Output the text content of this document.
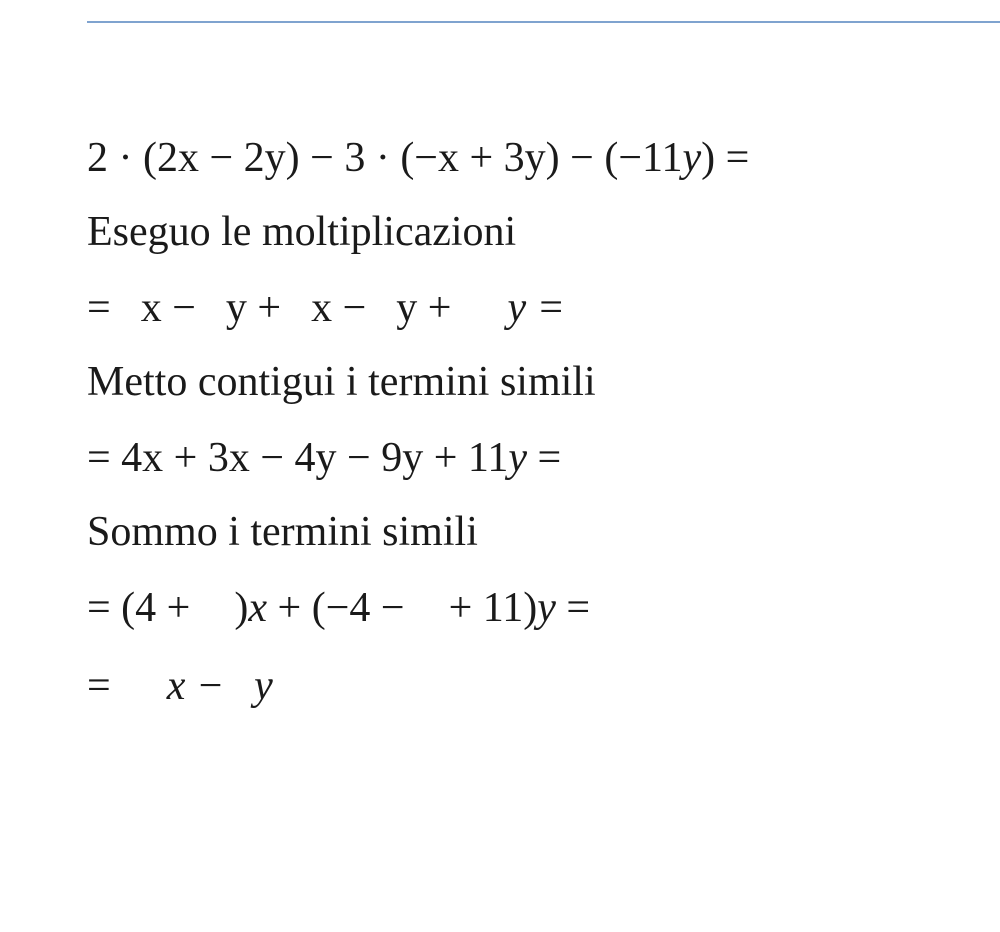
2 · (2x − 2y) − 3 · (−x + 3y) − (−11y) =
Eseguo le moltiplicazioni
= x − y + x − y + y =
Metto contigui i termini simili
= 4x + 3x − 4y − 9y + 11y =
Sommo i termini simili
= (4 + )x + (−4 − + 11)y =
= x − y
